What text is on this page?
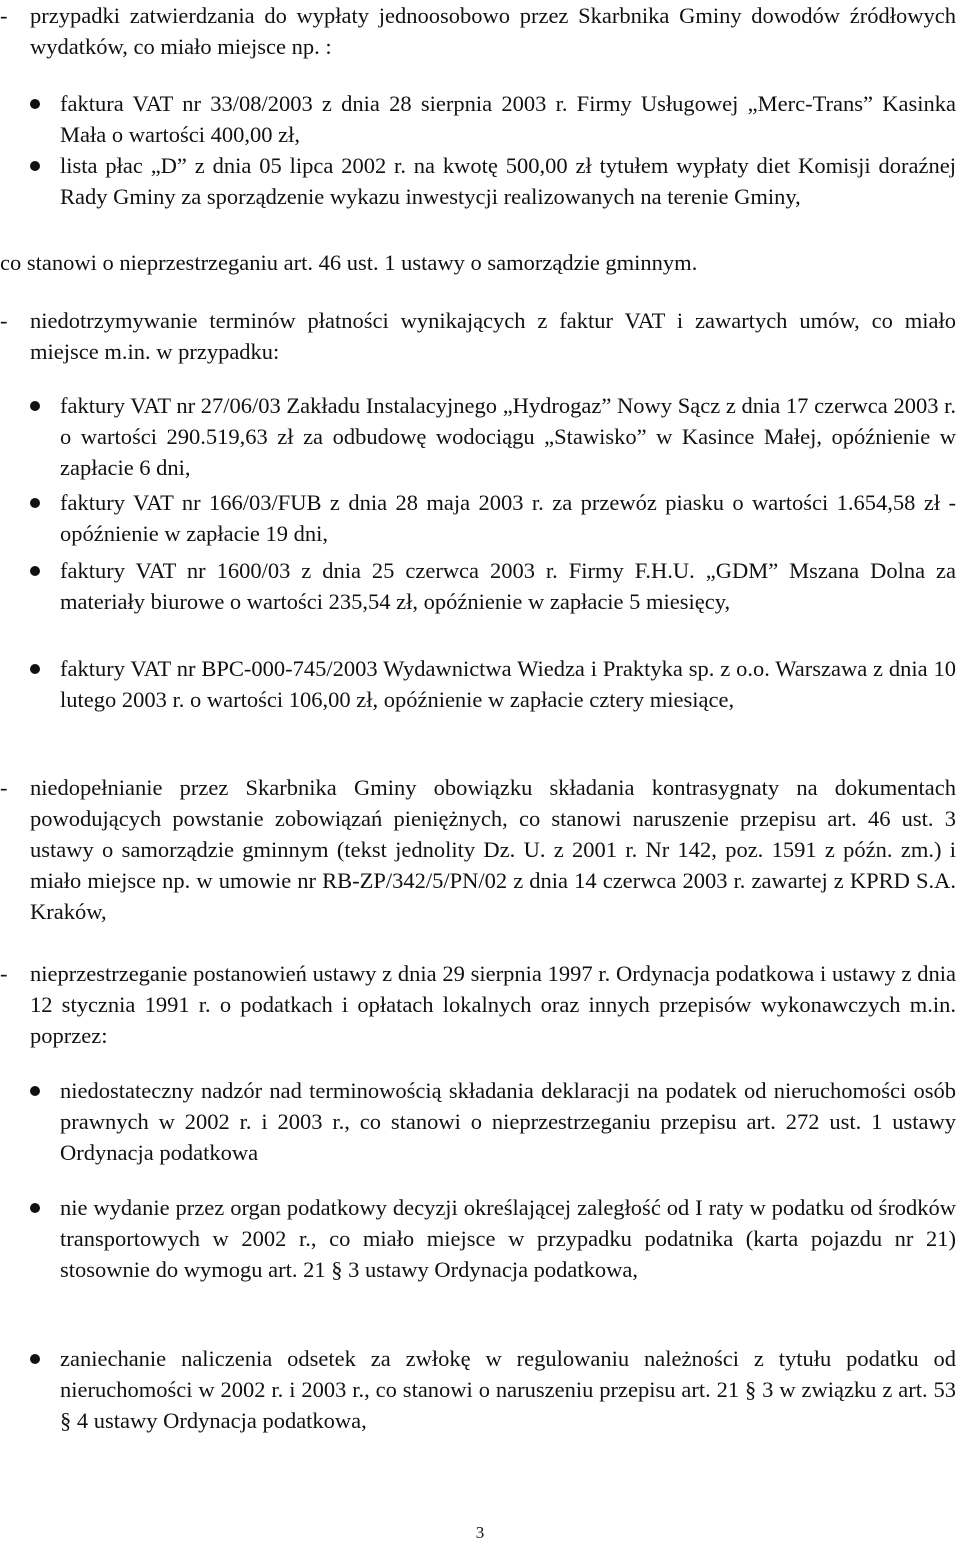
-	przypadki zatwierdzania do wypłaty jednoosobowo przez Skarbnika Gminy dowodów źródłowych wydatków, co miało miejsce np. :
faktura VAT nr 33/08/2003 z dnia 28 sierpnia 2003 r. Firmy Usługowej „Merc-Trans” Kasinka Mała o wartości 400,00 zł,
lista płac „D” z dnia 05 lipca 2002 r. na kwotę 500,00 zł tytułem wypłaty diet Komisji doraźnej Rady Gminy za sporządzenie wykazu inwestycji realizowanych na terenie Gminy,
co stanowi o nieprzestrzeganiu art. 46 ust. 1 ustawy o samorządzie gminnym.
-	niedotrzymywanie terminów płatności wynikających z faktur VAT i zawartych umów, co miało miejsce m.in. w przypadku:
faktury VAT nr 27/06/03 Zakładu Instalacyjnego „Hydrogaz” Nowy Sącz z dnia 17 czerwca 2003 r. o wartości 290.519,63 zł za odbudowę wodociągu „Stawisko” w Kasince Małej, opóźnienie w zapłacie 6 dni,
faktury VAT nr 166/03/FUB z dnia 28 maja 2003 r. za przewóz piasku o wartości 1.654,58 zł - opóźnienie w zapłacie 19 dni,
faktury VAT nr 1600/03 z dnia 25 czerwca 2003 r. Firmy F.H.U. „GDM” Mszana Dolna za materiały biurowe o wartości 235,54 zł, opóźnienie w zapłacie 5 miesięcy,
faktury VAT nr BPC-000-745/2003 Wydawnictwa Wiedza i Praktyka sp. z o.o. Warszawa z dnia 10 lutego 2003 r. o wartości 106,00 zł, opóźnienie w zapłacie cztery miesiące,
-	niedopełnianie przez Skarbnika Gminy obowiązku składania kontrasygnaty na dokumentach powodujących powstanie zobowiązań pieniężnych, co stanowi naruszenie przepisu art. 46 ust. 3 ustawy o samorządzie gminnym (tekst jednolity Dz. U. z 2001 r. Nr 142, poz. 1591 z późn. zm.) i miało miejsce np. w umowie nr RB-ZP/342/5/PN/02 z dnia 14 czerwca 2003 r. zawartej z KPRD S.A. Kraków,
-	nieprzestrzeganie postanowień ustawy z dnia 29 sierpnia 1997 r. Ordynacja podatkowa i ustawy z dnia 12 stycznia 1991 r. o podatkach i opłatach lokalnych oraz innych przepisów wykonawczych m.in. poprzez:
niedostateczny nadzór nad terminowością składania deklaracji na podatek od nieruchomości osób prawnych w 2002 r. i 2003 r., co stanowi o nieprzestrzeganiu przepisu art. 272 ust. 1 ustawy Ordynacja podatkowa
nie wydanie przez organ podatkowy decyzji określającej zaległość od I raty w podatku od środków transportowych w 2002 r., co miało miejsce w przypadku podatnika (karta pojazdu nr 21) stosownie do wymogu art. 21 § 3 ustawy Ordynacja podatkowa,
zaniechanie naliczenia odsetek za zwłokę w regulowaniu należności z tytułu podatku od nieruchomości w 2002 r. i 2003 r., co stanowi o naruszeniu przepisu art. 21 § 3 w związku z art. 53 § 4 ustawy Ordynacja podatkowa,
3
